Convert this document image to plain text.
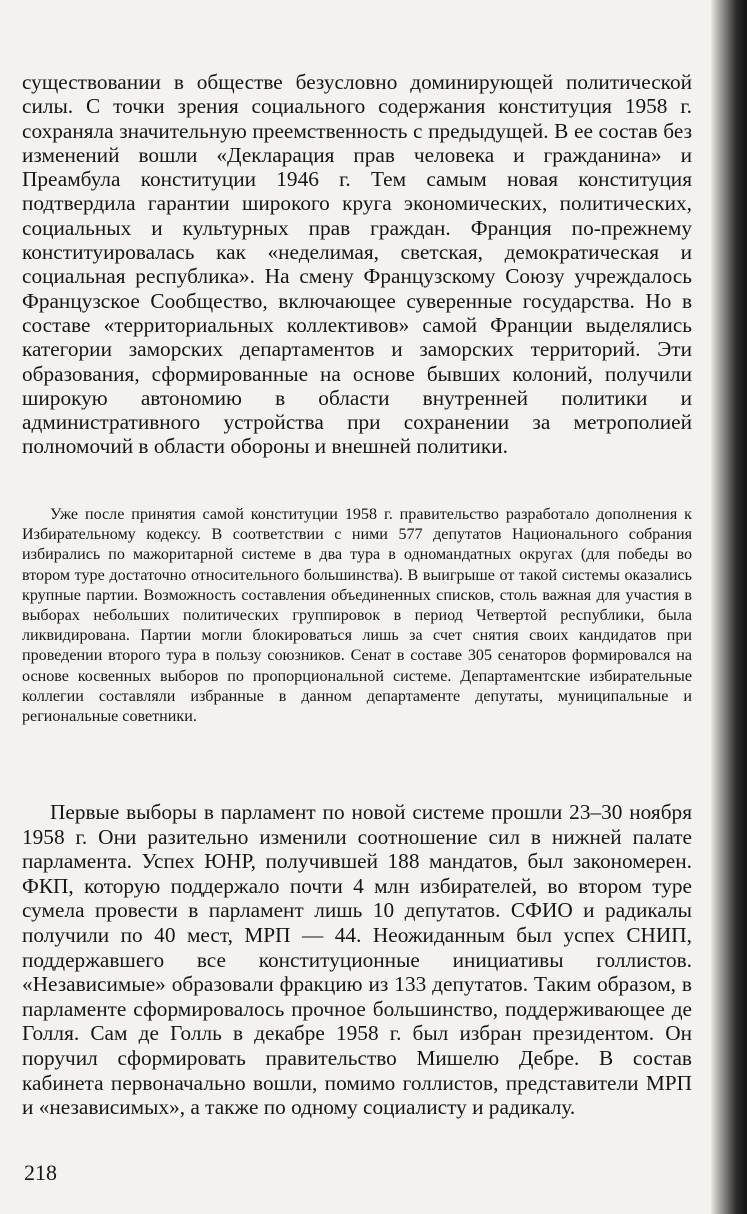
существовании в обществе безусловно доминирующей политической силы. С точки зрения социального содержания конституция 1958 г. сохраняла значительную преемственность с предыдущей. В ее состав без изменений вошли «Декларация прав человека и гражданина» и Преамбула конституции 1946 г. Тем самым новая конституция подтвердила гарантии широкого круга экономических, политических, социальных и культурных прав граждан. Франция по-прежнему конституировалась как «неделимая, светская, демократическая и социальная республика». На смену Французскому Союзу учреждалось Французское Сообщество, включающее суверенные государства. Но в составе «территориальных коллективов» самой Франции выделялись категории заморских департаментов и заморских территорий. Эти образования, сформированные на основе бывших колоний, получили широкую автономию в области внутренней политики и административного устройства при сохранении за метрополией полномочий в области обороны и внешней политики.

Уже после принятия самой конституции 1958 г. правительство разработало дополнения к Избирательному кодексу. В соответствии с ними 577 депутатов Национального собрания избирались по мажоритарной системе в два тура в одномандатных округах (для победы во втором туре достаточно относительного большинства). В выигрыше от такой системы оказались крупные партии. Возможность составления объединенных списков, столь важная для участия в выборах небольших политических группировок в период Четвертой республики, была ликвидирована. Партии могли блокироваться лишь за счет снятия своих кандидатов при проведении второго тура в пользу союзников. Сенат в составе 305 сенаторов формировался на основе косвенных выборов по пропорциональной системе. Департаментские избирательные коллегии составляли избранные в данном департаменте депутаты, муниципальные и региональные советники.

Первые выборы в парламент по новой системе прошли 23–30 ноября 1958 г. Они разительно изменили соотношение сил в нижней палате парламента. Успех ЮНР, получившей 188 мандатов, был закономерен. ФКП, которую поддержало почти 4 млн избирателей, во втором туре сумела провести в парламент лишь 10 депутатов. СФИО и радикалы получили по 40 мест, МРП — 44. Неожиданным был успех СНИП, поддержавшего все конституционные инициативы голлистов. «Независимые» образовали фракцию из 133 депутатов. Таким образом, в парламенте сформировалось прочное большинство, поддерживающее де Голля. Сам де Голль в декабре 1958 г. был избран президентом. Он поручил сформировать правительство Мишелю Дебре. В состав кабинета первоначально вошли, помимо голлистов, представители МРП и «независимых», а также по одному социалисту и радикалу.

218
